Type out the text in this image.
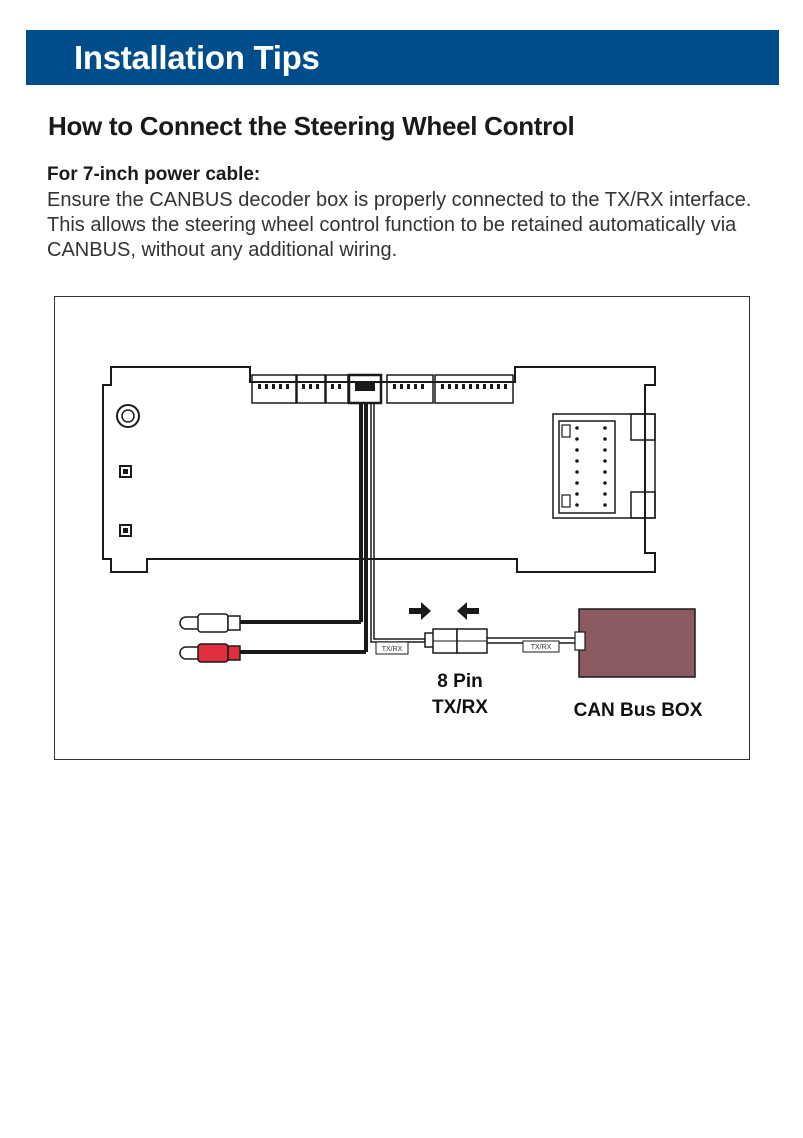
Installation Tips
How to Connect the Steering Wheel Control
For 7-inch power cable:

Ensure the CANBUS decoder box is properly connected to the TX/RX interface. This allows the steering wheel control function to be retained automatically via CANBUS, without any additional wiring.

TX/RX	TX/RX
8 Pin
TX/RX	CAN Bus BOX
